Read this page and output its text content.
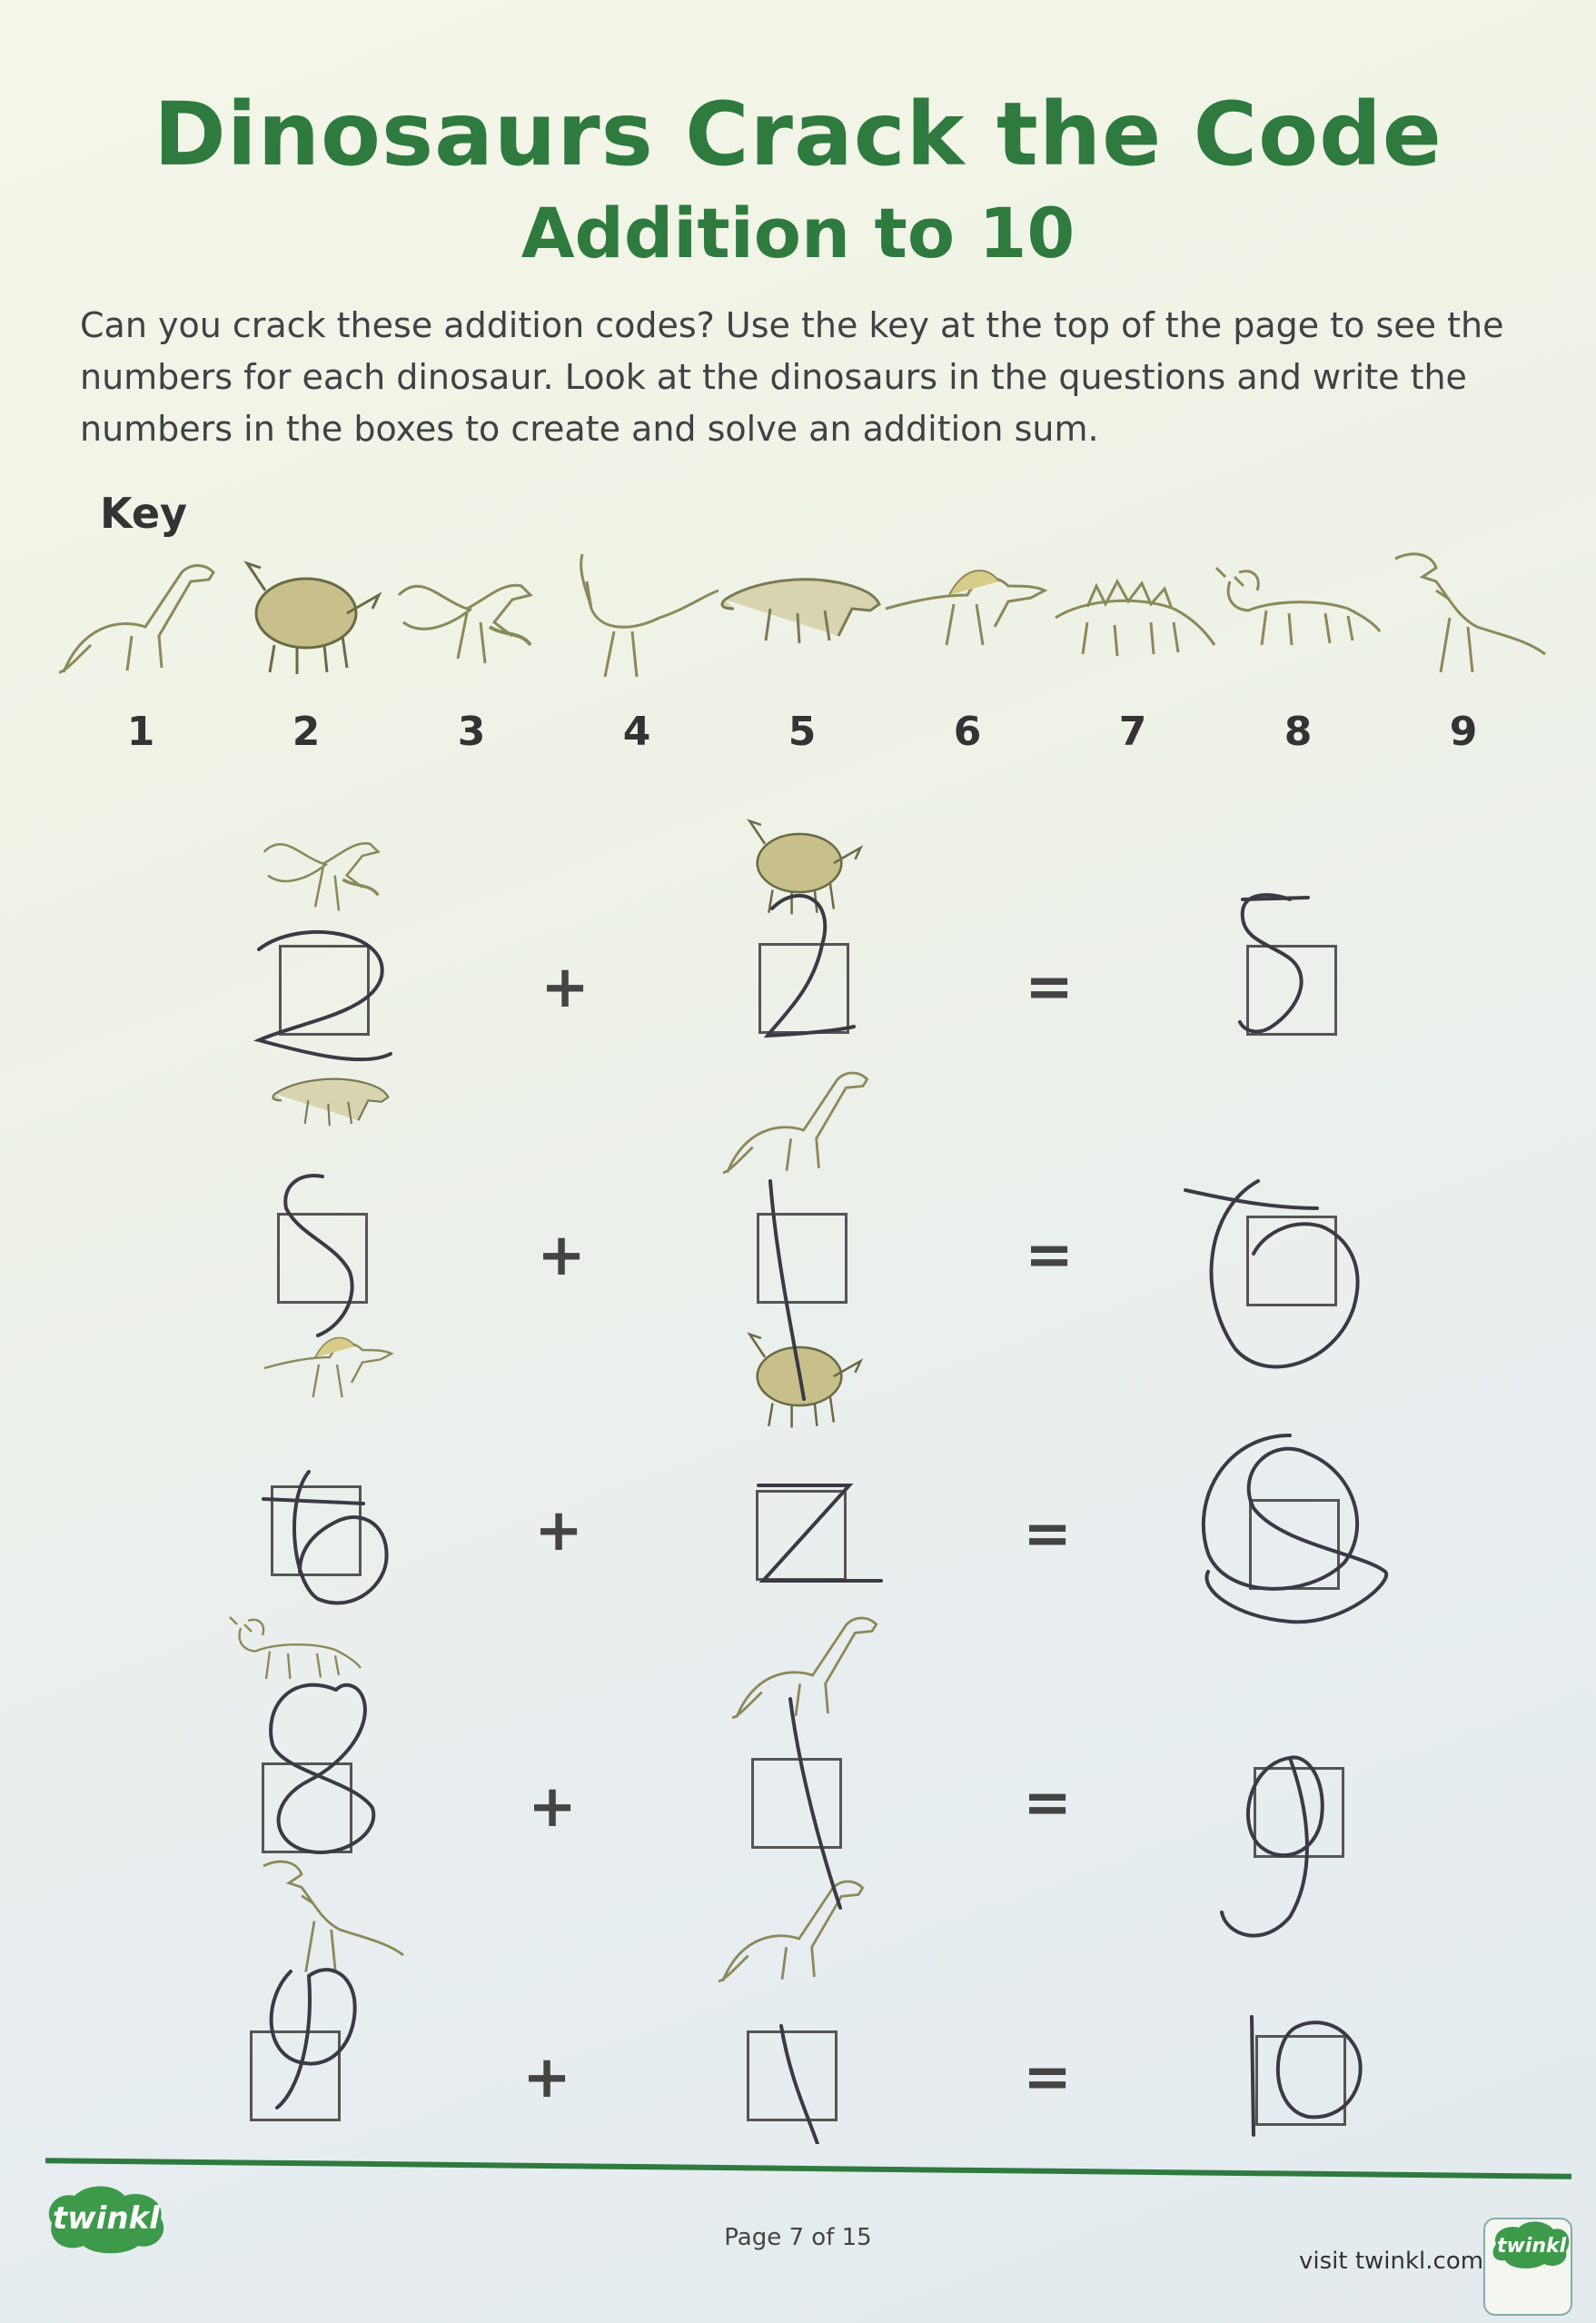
Dinosaurs Crack the Code
Addition to 10
Can you crack these addition codes? Use the key at the top of the page to see the numbers for each dinosaur. Look at the dinosaurs in the questions and write the numbers in the boxes to create and solve an addition sum.
Key
1	2	3	4	5	6	7	8	9
+	=
+	=
+	=
+	=
+	=
twinkl
Page 7 of 15
visit twinkl.com
twinkl
